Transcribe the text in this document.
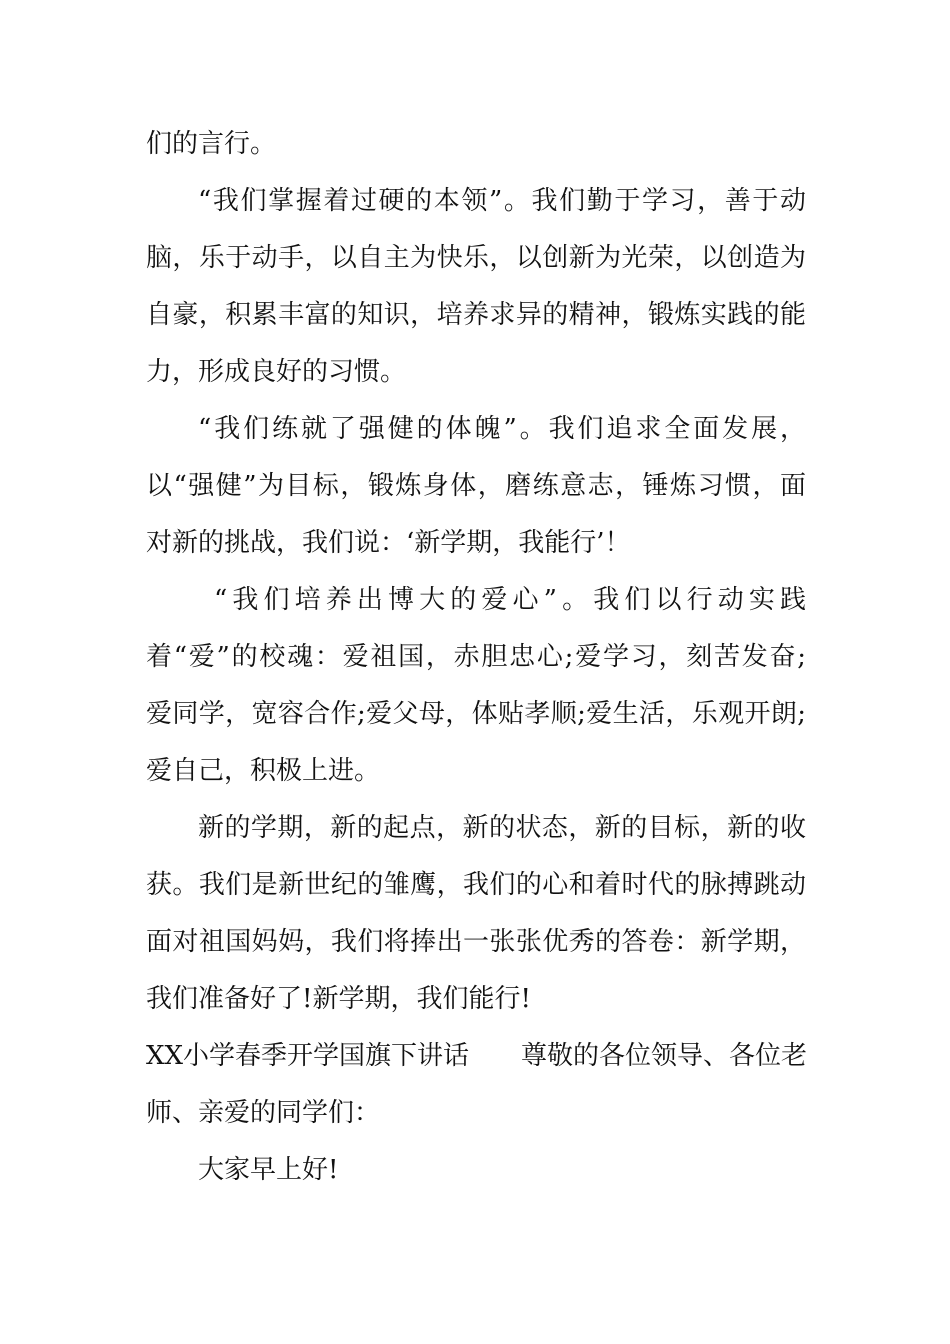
们的言行。
“我们掌握着过硬的本领”。我们勤于学习，善于动
脑，乐于动手，以自主为快乐，以创新为光荣，以创造为
自豪，积累丰富的知识，培养求异的精神，锻炼实践的能
力，形成良好的习惯。
“我们练就了强健的体魄”。我们追求全面发展，
以“强健”为目标，锻炼身体，磨练意志，锤炼习惯，面
对新的挑战，我们说：‘新学期，我能行’！
“我们培养出博大的爱心”。我们以行动实践
着“爱”的校魂：爱祖国，赤胆忠心;爱学习，刻苦发奋;
爱同学，宽容合作;爱父母，体贴孝顺;爱生活，乐观开朗;
爱自己，积极上进。
新的学期，新的起点，新的状态，新的目标，新的收
获。我们是新世纪的雏鹰，我们的心和着时代的脉搏跳动
面对祖国妈妈，我们将捧出一张张优秀的答卷：新学期，
我们准备好了!新学期，我们能行!
XX小学春季开学国旗下讲话　　尊敬的各位领导、各位老
师、亲爱的同学们：
大家早上好!
